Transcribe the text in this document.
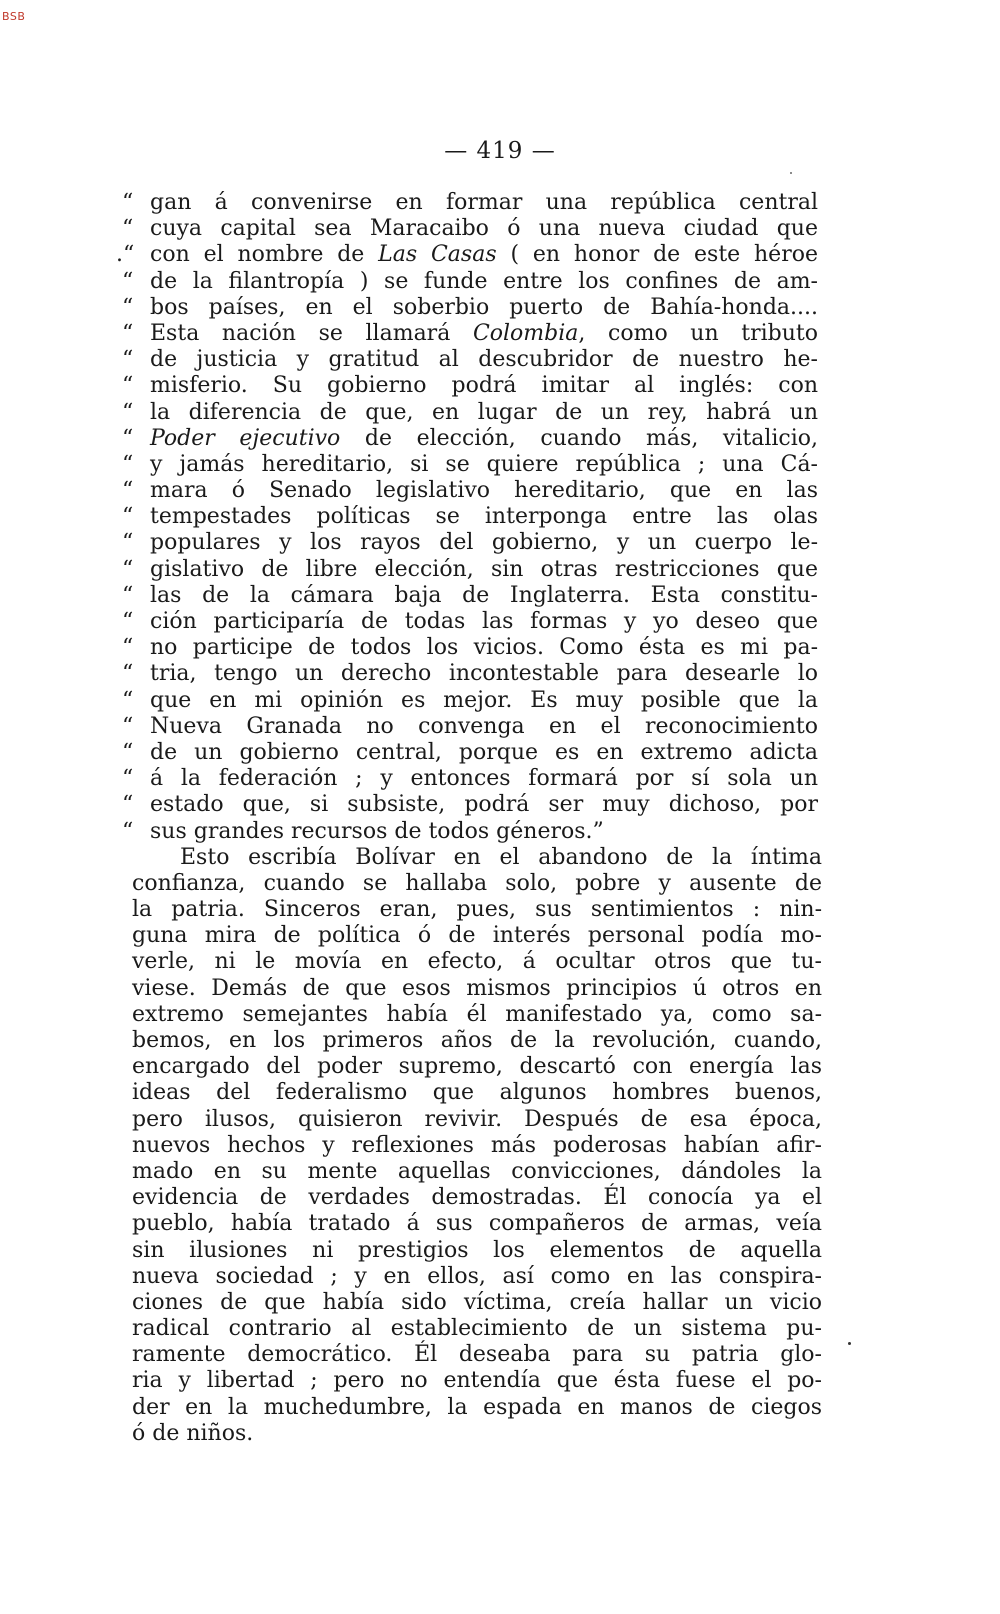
BSB
— 419 —
“ gan á convenirse en formar una república central
“ cuya capital sea Maracaibo ó una nueva ciudad que
.“ con el nombre de Las Casas ( en honor de este héroe
“ de la filantropía ) se funde entre los confines de am-
“ bos países, en el soberbio puerto de Bahía-honda....
“ Esta nación se llamará Colombia, como un tributo
“ de justicia y gratitud al descubridor de nuestro he-
“ misferio. Su gobierno podrá imitar al inglés: con
“ la diferencia de que, en lugar de un rey, habrá un
“ Poder ejecutivo de elección, cuando más, vitalicio,
“ y jamás hereditario, si se quiere república ; una Cá-
“ mara ó Senado legislativo hereditario, que en las
“ tempestades políticas se interponga entre las olas
“ populares y los rayos del gobierno, y un cuerpo le-
“ gislativo de libre elección, sin otras restricciones que
“ las de la cámara baja de Inglaterra. Esta constitu-
“ ción participaría de todas las formas y yo deseo que
“ no participe de todos los vicios. Como ésta es mi pa-
“ tria, tengo un derecho incontestable para desearle lo
“ que en mi opinión es mejor. Es muy posible que la
“ Nueva Granada no convenga en el reconocimiento
“ de un gobierno central, porque es en extremo adicta
“ á la federación ; y entonces formará por sí sola un
“ estado que, si subsiste, podrá ser muy dichoso, por
“ sus grandes recursos de todos géneros.”
Esto escribía Bolívar en el abandono de la íntima
confianza, cuando se hallaba solo, pobre y ausente de
la patria. Sinceros eran, pues, sus sentimientos : nin-
guna mira de política ó de interés personal podía mo-
verle, ni le movía en efecto, á ocultar otros que tu-
viese. Demás de que esos mismos principios ú otros en
extremo semejantes había él manifestado ya, como sa-
bemos, en los primeros años de la revolución, cuando,
encargado del poder supremo, descartó con energía las
ideas del federalismo que algunos hombres buenos,
pero ilusos, quisieron revivir. Después de esa época,
nuevos hechos y reflexiones más poderosas habían afir-
mado en su mente aquellas convicciones, dándoles la
evidencia de verdades demostradas. Él conocía ya el
pueblo, había tratado á sus compañeros de armas, veía
sin ilusiones ni prestigios los elementos de aquella
nueva sociedad ; y en ellos, así como en las conspira-
ciones de que había sido víctima, creía hallar un vicio
radical contrario al establecimiento de un sistema pu-
ramente democrático. Él deseaba para su patria glo-
ria y libertad ; pero no entendía que ésta fuese el po-
der en la muchedumbre, la espada en manos de ciegos
ó de niños.
